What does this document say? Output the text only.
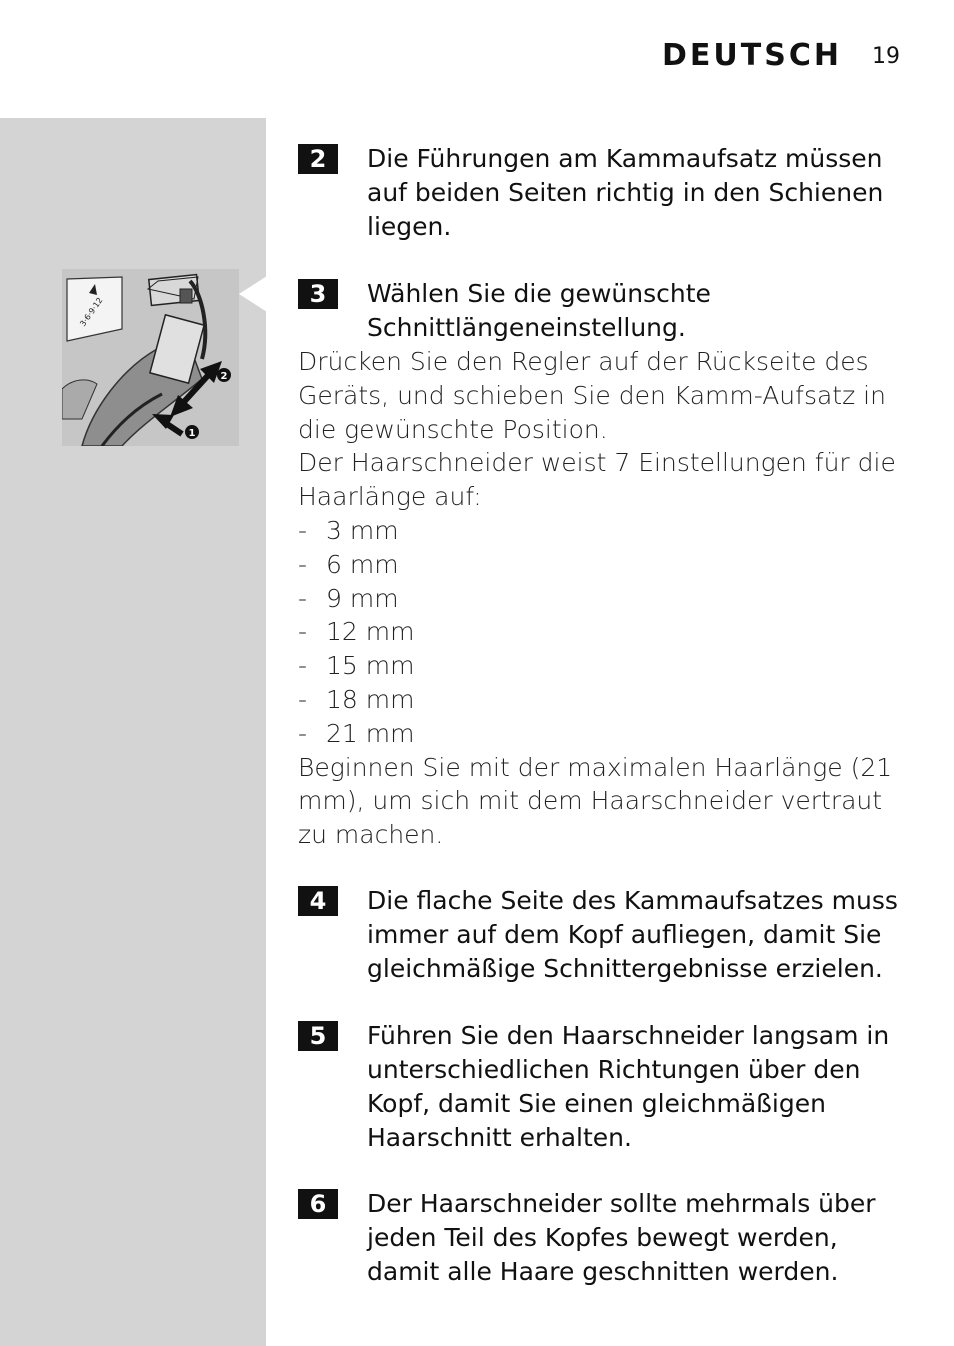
DEUTSCH 19
3·6·9·12
2
1
2	Die Führungen am Kammaufsatz müssen auf beiden Seiten richtig in den Schienen liegen.
3	Wählen Sie die gewünschte Schnittlängeneinstellung.

Drücken Sie den Regler auf der Rückseite des Geräts, und schieben Sie den Kamm-Aufsatz in die gewünschte Position.

Der Haarschneider weist 7 Einstellungen für die Haarlänge auf:

- 3 mm
- 6 mm
- 9 mm
- 12 mm
- 15 mm
- 18 mm
- 21 mm

Beginnen Sie mit der maximalen Haarlänge (21 mm), um sich mit dem Haarschneider vertraut zu machen.

4	Die flache Seite des Kammaufsatzes muss immer auf dem Kopf aufliegen, damit Sie gleichmäßige Schnittergebnisse erzielen.
5	Führen Sie den Haarschneider langsam in unterschiedlichen Richtungen über den Kopf, damit Sie einen gleichmäßigen Haarschnitt erhalten.
6	Der Haarschneider sollte mehrmals über jeden Teil des Kopfes bewegt werden, damit alle Haare geschnitten werden.
